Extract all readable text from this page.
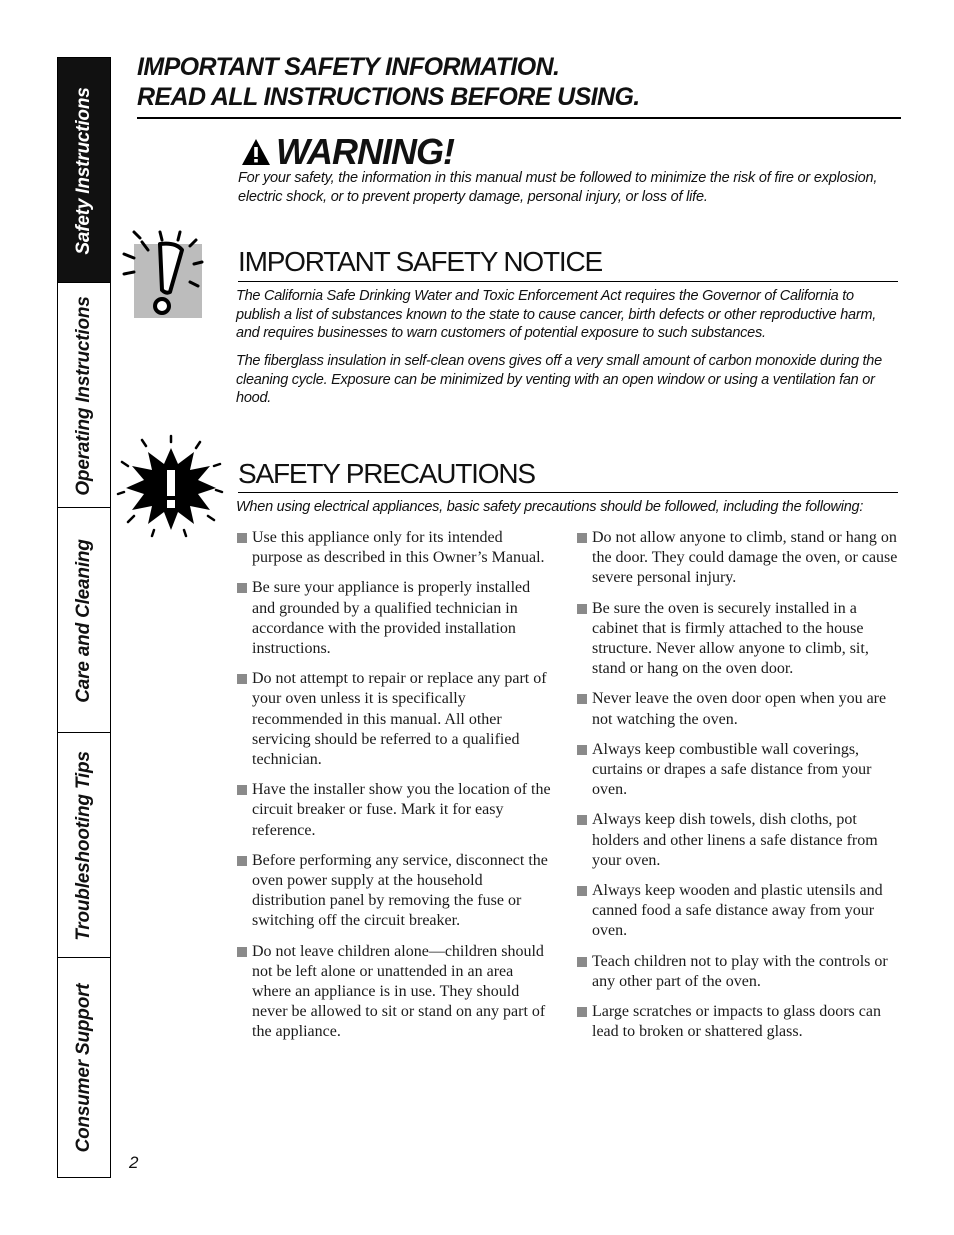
Safety Instructions
Operating Instructions
Care and Cleaning
Troubleshooting Tips
Consumer Support

IMPORTANT SAFETY INFORMATION.

READ ALL INSTRUCTIONS BEFORE USING.

WARNING!
For your safety, the information in this manual must be followed to minimize the risk of fire or explosion, electric shock, or to prevent property damage, personal injury, or loss of life.
IMPORTANT SAFETY NOTICE

The California Safe Drinking Water and Toxic Enforcement Act requires the Governor of California to publish a list of substances known to the state to cause cancer, birth defects or other reproductive harm, and requires businesses to warn customers of potential exposure to such substances.

The fiberglass insulation in self-clean ovens gives off a very small amount of carbon monoxide during the cleaning cycle. Exposure can be minimized by venting with an open window or using a ventilation fan or hood.

SAFETY PRECAUTIONS

When using electrical appliances, basic safety precautions should be followed, including the following:

Use this appliance only for its intended purpose as described in this Owner’s Manual.
Be sure your appliance is properly installed and grounded by a qualified technician in accordance with the provided installation instructions.
Do not attempt to repair or replace any part of your oven unless it is specifically recommended in this manual. All other servicing should be referred to a qualified technician.
Have the installer show you the location of the circuit breaker or fuse. Mark it for easy reference.
Before performing any service, disconnect the oven power supply at the household distribution panel by removing the fuse or switching off the circuit breaker.
Do not leave children alone—children should not be left alone or unattended in an area where an appliance is in use. They should never be allowed to sit or stand on any part of the appliance.
Do not allow anyone to climb, stand or hang on the door. They could damage the oven, or cause severe personal injury.
Be sure the oven is securely installed in a cabinet that is firmly attached to the house structure. Never allow anyone to climb, sit, stand or hang on the oven door.
Never leave the oven door open when you are not watching the oven.
Always keep combustible wall coverings, curtains or drapes a safe distance from your oven.
Always keep dish towels, dish cloths, pot holders and other linens a safe distance from your oven.
Always keep wooden and plastic utensils and canned food a safe distance away from your oven.
Teach children not to play with the controls or any other part of the oven.
Large scratches or impacts to glass doors can lead to broken or shattered glass.
2
